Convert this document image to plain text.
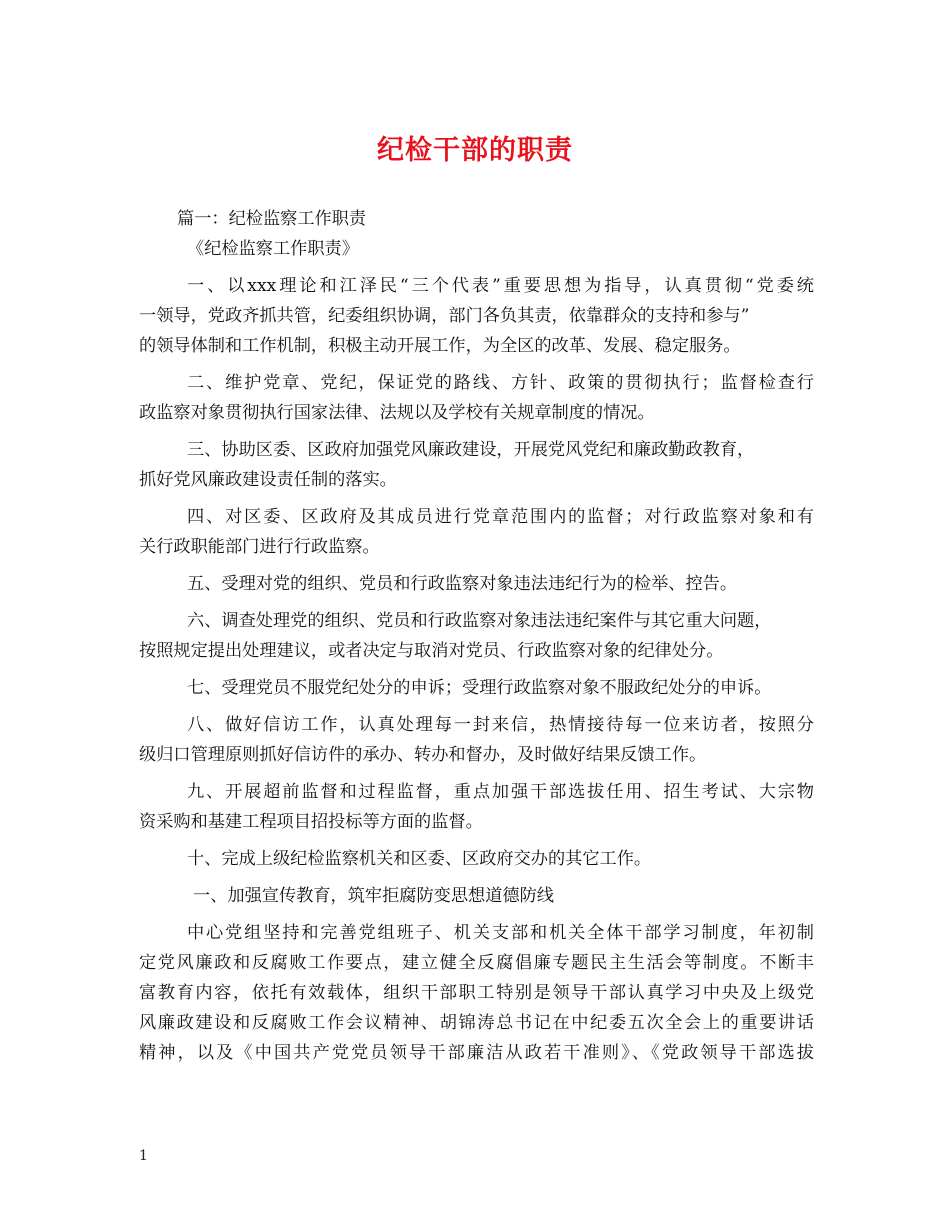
纪检干部的职责
篇一：纪检监察工作职责
《纪检监察工作职责》
一、以xxx理论和江泽民“三个代表”重要思想为指导，认真贯彻“党委统
一领导，党政齐抓共管，纪委组织协调，部门各负其责，依靠群众的支持和参与”
的领导体制和工作机制，积极主动开展工作，为全区的改革、发展、稳定服务。
二、维护党章、党纪，保证党的路线、方针、政策的贯彻执行；监督检查行
政监察对象贯彻执行国家法律、法规以及学校有关规章制度的情况。
三、协助区委、区政府加强党风廉政建设，开展党风党纪和廉政勤政教育，
抓好党风廉政建设责任制的落实。
四、对区委、区政府及其成员进行党章范围内的监督；对行政监察对象和有
关行政职能部门进行行政监察。
五、受理对党的组织、党员和行政监察对象违法违纪行为的检举、控告。
六、调查处理党的组织、党员和行政监察对象违法违纪案件与其它重大问题，
按照规定提出处理建议，或者决定与取消对党员、行政监察对象的纪律处分。
七、受理党员不服党纪处分的申诉；受理行政监察对象不服政纪处分的申诉。
八、做好信访工作，认真处理每一封来信，热情接待每一位来访者，按照分
级归口管理原则抓好信访件的承办、转办和督办，及时做好结果反馈工作。
九、开展超前监督和过程监督，重点加强干部选拔任用、招生考试、大宗物
资采购和基建工程项目招投标等方面的监督。
十、完成上级纪检监察机关和区委、区政府交办的其它工作。
一、加强宣传教育，筑牢拒腐防变思想道德防线
中心党组坚持和完善党组班子、机关支部和机关全体干部学习制度，年初制
定党风廉政和反腐败工作要点，建立健全反腐倡廉专题民主生活会等制度。不断丰
富教育内容，依托有效载体，组织干部职工特别是领导干部认真学习中央及上级党
风廉政建设和反腐败工作会议精神、胡锦涛总书记在中纪委五次全会上的重要讲话
精神，以及《中国共产党党员领导干部廉洁从政若干准则》、《党政领导干部选拔
1
